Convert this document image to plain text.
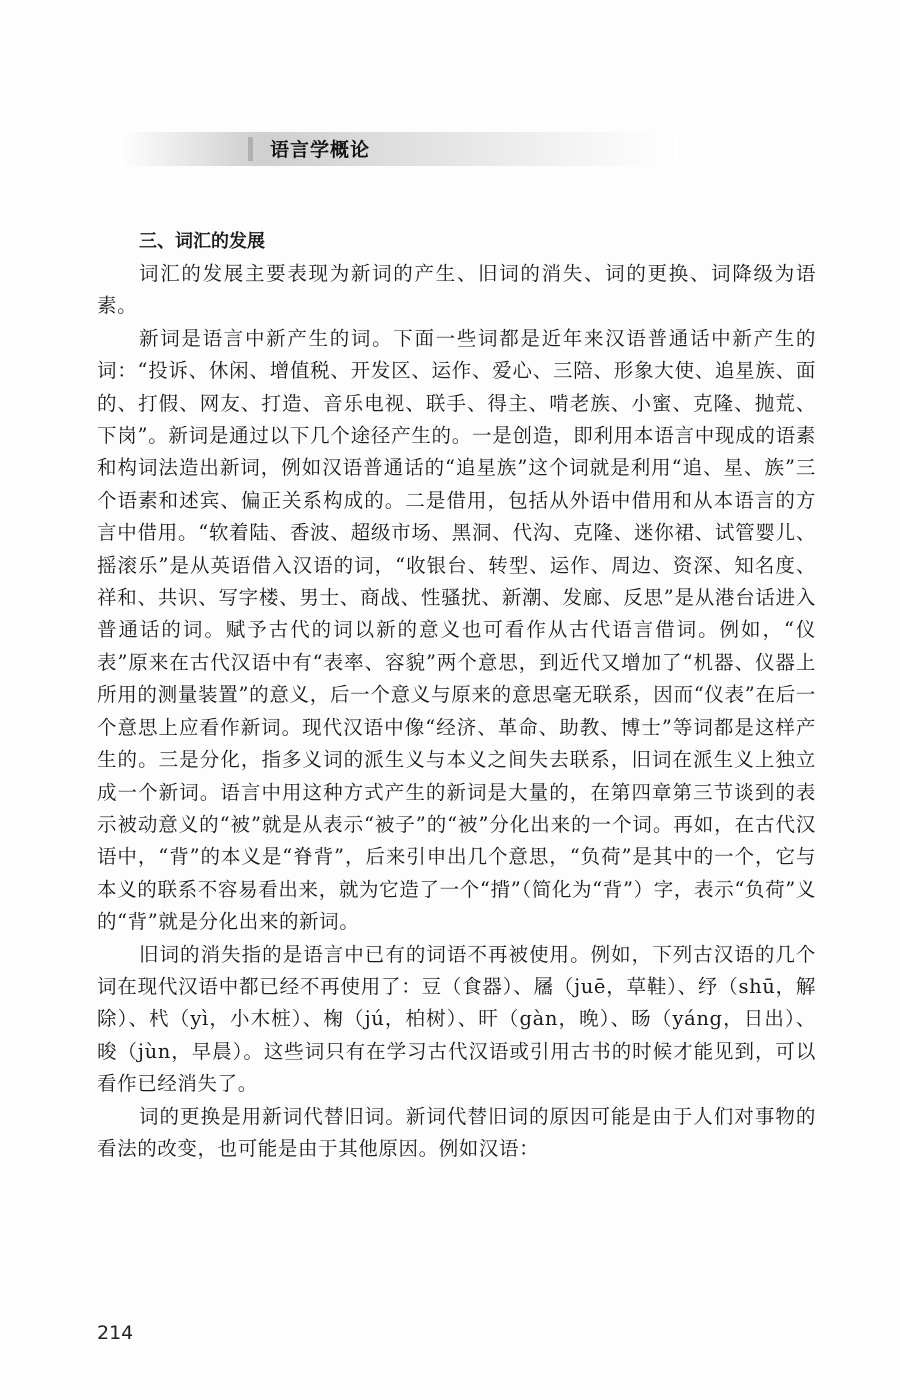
语言学概论
三、词汇的发展

词汇的发展主要表现为新词的产生、旧词的消失、词的更换、词降级为语素。

新词是语言中新产生的词。下面一些词都是近年来汉语普通话中新产生的词：“投诉、休闲、增值税、开发区、运作、爱心、三陪、形象大使、追星族、面的、打假、网友、打造、音乐电视、联手、得主、啃老族、小蜜、克隆、抛荒、下岗”。新词是通过以下几个途径产生的。一是创造，即利用本语言中现成的语素和构词法造出新词，例如汉语普通话的“追星族”这个词就是利用“追、星、族”三个语素和述宾、偏正关系构成的。二是借用，包括从外语中借用和从本语言的方言中借用。“软着陆、香波、超级市场、黑洞、代沟、克隆、迷你裙、试管婴儿、摇滚乐”是从英语借入汉语的词，“收银台、转型、运作、周边、资深、知名度、祥和、共识、写字楼、男士、商战、性骚扰、新潮、发廊、反思”是从港台话进入普通话的词。赋予古代的词以新的意义也可看作从古代语言借词。例如，“仪表”原来在古代汉语中有“表率、容貌”两个意思，到近代又增加了“机器、仪器上所用的测量装置”的意义，后一个意义与原来的意思毫无联系，因而“仪表”在后一个意思上应看作新词。现代汉语中像“经济、革命、助教、博士”等词都是这样产生的。三是分化，指多义词的派生义与本义之间失去联系，旧词在派生义上独立成一个新词。语言中用这种方式产生的新词是大量的，在第四章第三节谈到的表示被动意义的“被”就是从表示“被子”的“被”分化出来的一个词。再如，在古代汉语中，“背”的本义是“脊背”，后来引申出几个意思，“负荷”是其中的一个，它与本义的联系不容易看出来，就为它造了一个“揹”（简化为“背”）字，表示“负荷”义的“背”就是分化出来的新词。

旧词的消失指的是语言中已有的词语不再被使用。例如，下列古汉语的几个词在现代汉语中都已经不再使用了：豆（食器）、屩（juē，草鞋）、纾（shū，解除）、杙（yì，小木桩）、椈（jú，柏树）、旰（gàn，晚）、旸（yáng，日出）、晙（jùn，早晨）。这些词只有在学习古代汉语或引用古书的时候才能见到，可以看作已经消失了。

词的更换是用新词代替旧词。新词代替旧词的原因可能是由于人们对事物的看法的改变，也可能是由于其他原因。例如汉语：

214
